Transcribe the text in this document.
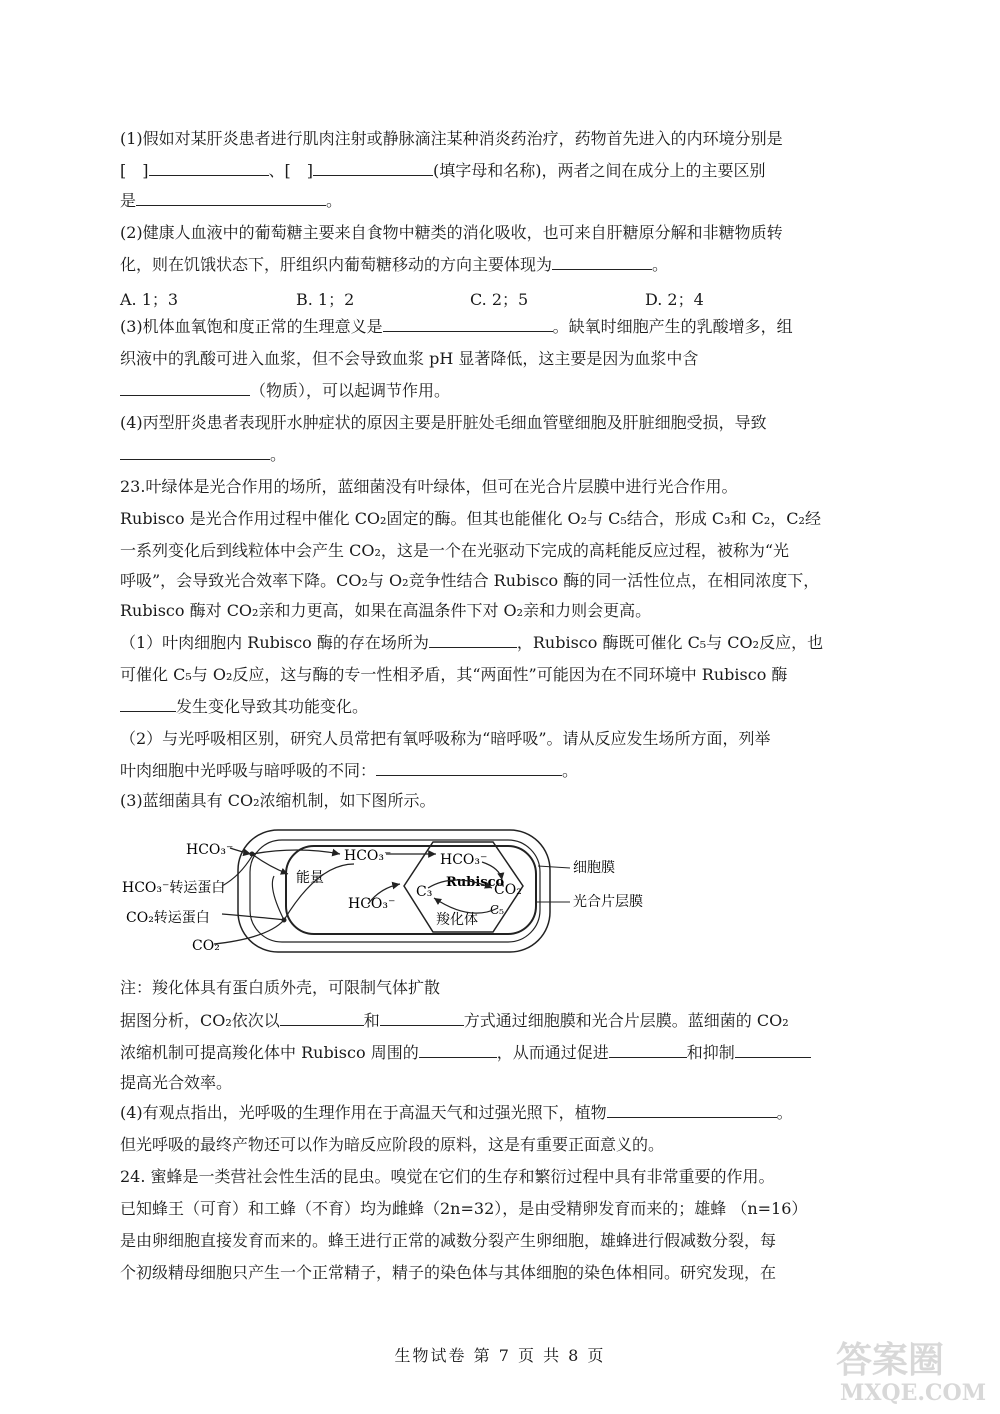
(1)假如对某肝炎患者进行肌肉注射或静脉滴注某种消炎药治疗，药物首先进入的内环境分别是
[　]	、[　]	(填字母和名称)，两者之间在成分上的主要区别
是	。
(2)健康人血液中的葡萄糖主要来自食物中糖类的消化吸收，也可来自肝糖原分解和非糖物质转
化，则在饥饿状态下，肝组织内葡萄糖移动的方向主要体现为	。
A. 1；3	B. 1；2	C. 2；5	D. 2；4
(3)机体血氧饱和度正常的生理意义是	。缺氧时细胞产生的乳酸增多，组
织液中的乳酸可进入血浆，但不会导致血浆 pH 显著降低，这主要是因为血浆中含
（物质），可以起调节作用。
(4)丙型肝炎患者表现肝水肿症状的原因主要是肝脏处毛细血管壁细胞及肝脏细胞受损，导致
。
23.叶绿体是光合作用的场所，蓝细菌没有叶绿体，但可在光合片层膜中进行光合作用。
Rubisco 是光合作用过程中催化 CO₂固定的酶。但其也能催化 O₂与 C₅结合，形成 C₃和 C₂，C₂经
一系列变化后到线粒体中会产生 CO₂，这是一个在光驱动下完成的高耗能反应过程，被称为“光
呼吸”，会导致光合效率下降。CO₂与 O₂竞争性结合 Rubisco 酶的同一活性位点，在相同浓度下，
Rubisco 酶对 CO₂亲和力更高，如果在高温条件下对 O₂亲和力则会更高。
（1）叶肉细胞内 Rubisco 酶的存在场所为	，Rubisco 酶既可催化 C₅与 CO₂反应，也
可催化 C₅与 O₂反应，这与酶的专一性相矛盾，其“两面性”可能因为在不同环境中 Rubisco 酶
发生变化导致其功能变化。
（2）与光呼吸相区别，研究人员常把有氧呼吸称为“暗呼吸”。请从反应发生场所方面，列举
叶肉细胞中光呼吸与暗呼吸的不同：	。
(3)蓝细菌具有 CO₂浓缩机制，如下图所示。
HCO₃⁻
HCO₃⁻转运蛋白
CO₂转运蛋白
CO₂
能量
HCO₃⁻
HCO₃⁻
HCO₃⁻
Rubisco
C₃
C₅
CO₂
羧化体
细胞膜
光合片层膜
注：羧化体具有蛋白质外壳，可限制气体扩散
据图分析，CO₂依次以	和	方式通过细胞膜和光合片层膜。蓝细菌的 CO₂
浓缩机制可提高羧化体中 Rubisco 周围的	，从而通过促进	和抑制
提高光合效率。
(4)有观点指出，光呼吸的生理作用在于高温天气和过强光照下，植物	。
但光呼吸的最终产物还可以作为暗反应阶段的原料，这是有重要正面意义的。
24. 蜜蜂是一类营社会性生活的昆虫。嗅觉在它们的生存和繁衍过程中具有非常重要的作用。
已知蜂王（可育）和工蜂（不育）均为雌蜂（2n=32），是由受精卵发育而来的；雄蜂 （n=16）
是由卵细胞直接发育而来的。蜂王进行正常的减数分裂产生卵细胞，雄蜂进行假减数分裂，每
个初级精母细胞只产生一个正常精子，精子的染色体与其体细胞的染色体相同。研究发现，在
生物试卷 第 7 页 共 8 页	答案圈
MXQE.COM
